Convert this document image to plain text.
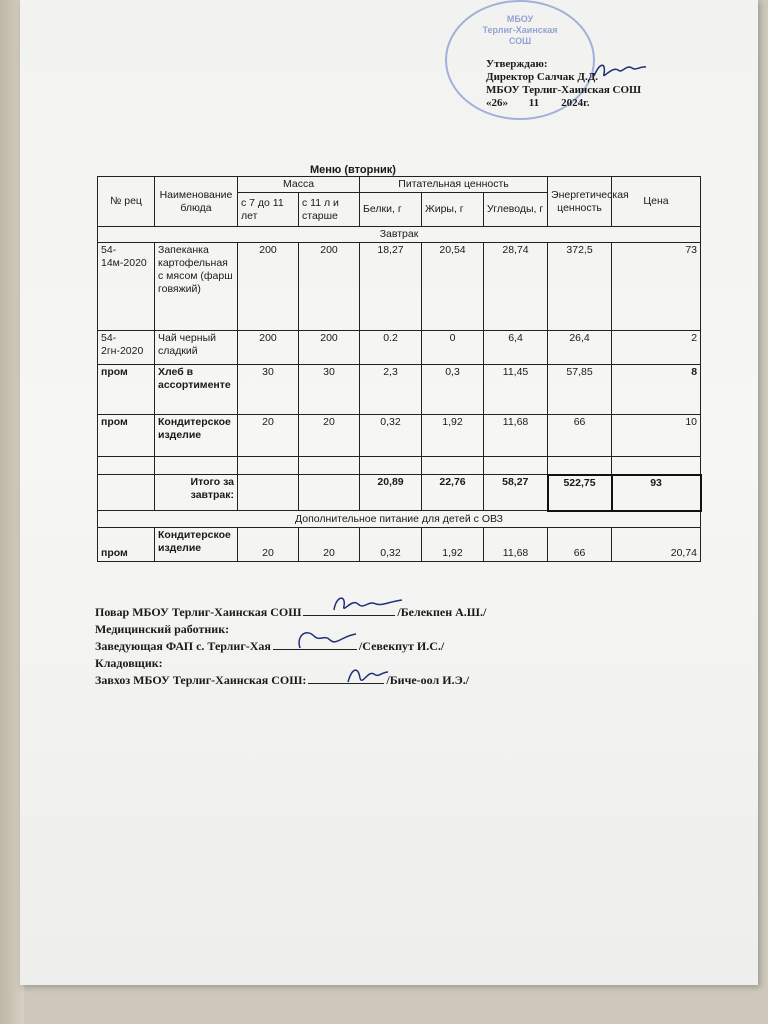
МБОУ
Терлиг-Хаинская
СОШ
Утверждаю:
Директор Салчак Д.Д.
МБОУ Терлиг-Хаинская СОШ
«26» 11 2024г.
Меню (вторник)
№ рец	Наименование блюда	Масса		Питательная ценность			Энергетическая ценность	Цена
		с 7 до 11 лет	с 11 л и старше	Белки, г	Жиры, г	Углеводы, г		
Завтрак								
54-14м-2020	Запеканка картофельная с мясом (фарш говяжий)	200	200	18,27	20,54	28,74	372,5	73
54-2гн-2020	Чай черный сладкий	200	200	0.2	0	6,4	26,4	2
пром	Хлеб в ассортименте	30	30	2,3	0,3	11,45	57,85	8
пром	Кондитерское изделие	20	20	0,32	1,92	11,68	66	10

	Итого за завтрак:			20,89	22,76	58,27	522,75	93
Дополнительное питание для детей с ОВЗ								
пром	Кондитерское изделие	20	20	0,32	1,92	11,68	66	20,74
Повар МБОУ Терлиг-Хаинская СОШ	/Белекпен А.Ш./
Медицинский работник:
Заведующая ФАП с. Терлиг-Хая	/Севекпут И.С./
Кладовщик:
Завхоз МБОУ Терлиг-Хаинская СОШ:	/Биче-оол И.Э./
